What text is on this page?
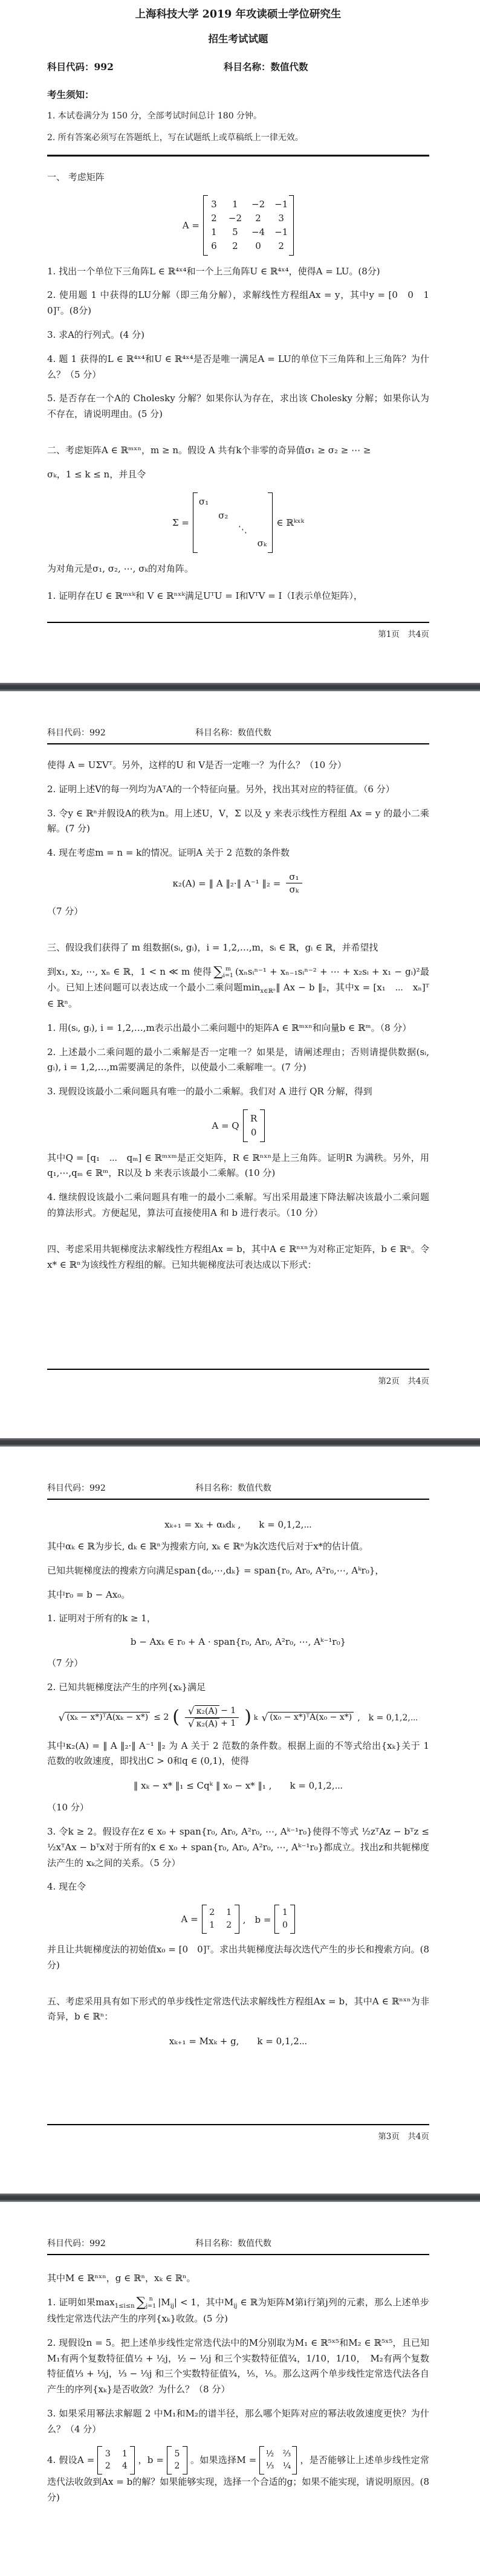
上海科技大学 2019 年攻读硕士学位研究生
招生考试试题
科目代码：992	科目名称：数值代数
考生须知：

1. 本试卷满分为 150 分，全部考试时间总计 180 分钟。

2. 所有答案必须写在答题纸上，写在试题纸上或草稿纸上一律无效。

一、 考虑矩阵

A =
3	1	−2 −1
2 −2	2	3
1	5	−4 −1
6	2	0	2

1. 找出一个单位下三角阵L ∈ ℝ⁴ˣ⁴和一个上三角阵U ∈ ℝ⁴ˣ⁴，使得A = LU。(8分)

2. 使用题 1 中获得的LU分解（即三角分解），求解线性方程组Ax = y，其中y = [0　0　1　0]ᵀ。(8分)

3. 求A的行列式。(4 分)

4. 题 1 获得的L ∈ ℝ⁴ˣ⁴和U ∈ ℝ⁴ˣ⁴是否是唯一满足A = LU的单位下三角阵和上三角阵？为什么？（5 分）

5. 是否存在一个A的 Cholesky 分解？如果你认为存在，求出该 Cholesky 分解；如果你认为不存在，请说明理由。(5 分)

二、考虑矩阵A ∈ ℝᵐˣⁿ，m ≥ n。假设 A 共有k个非零的奇异值σ₁ ≥ σ₂ ≥ ⋯ ≥

σₖ，1 ≤ k ≤ n，并且令

Σ =
σ₁
σ₂
⋱
σₖ
∈ ℝᵏˣᵏ

为对角元是σ₁, σ₂, ⋯, σₖ的对角阵。

1. 证明存在U ∈ ℝᵐˣᵏ和 V ∈ ℝⁿˣᵏ满足UᵀU = I和VᵀV = I（I表示单位矩阵），

第1页　共4页
科目代码：992	科目名称：数值代数

使得 A = UΣVᵀ。另外，这样的U 和 V是否一定唯一？为什么？（10 分）

2. 证明上述V的每一列均为AᵀA的一个特征向量。另外，找出其对应的特征值。（6 分）

3. 令y ∈ ℝⁿ并假设A的秩为n。用上述U，V，Σ 以及 y 来表示线性方程组 Ax = y 的最小二乘解。(7 分)

4. 现在考虑m = n = k的情况。证明A 关于 2 范数的条件数

κ₂(A) = ‖ A ‖₂·‖ A⁻¹ ‖₂ = $\frac{\text{σ₁}}{\text{σₖ}}$

（7 分）

三、假设我们获得了 m 组数据(sᵢ, gᵢ)，i = 1,2,…,m，sᵢ ∈ ℝ，gᵢ ∈ ℝ，并希望找

到x₁, x₂, ⋯, xₙ ∈ ℝ，1 < n ≪ m 使得 ∑ m
i=1 (xₙsᵢⁿ⁻¹ + xₙ₋₁sᵢⁿ⁻² + ⋯ + x₂sᵢ + x₁ − gᵢ)²最小。已知上述问题可以表达成一个最小二乘问题$\min_{x\in ℝ^n}‖$ Ax − b ‖₂，其中x = [x₁　⋯　xₙ]ᵀ ∈ ℝⁿ。

1. 用(sᵢ, gᵢ), i = 1,2,…,m表示出最小二乘问题中的矩阵A ∈ ℝᵐˣⁿ和向量b ∈ ℝᵐ。（8 分）

2. 上述最小二乘问题的最小二乘解是否一定唯一？如果是，请阐述理由；否则请提供数据(sᵢ, gᵢ), i = 1,2,…,m需要满足的条件，以使最小二乘解唯一。(7 分)

3. 现假设该最小二乘问题具有唯一的最小二乘解。我们对 A 进行 QR 分解，得到

A = Q
R
0

其中Q = [q₁　⋯　qₘ] ∈ ℝᵐˣᵐ是正交矩阵，R ∈ ℝⁿˣⁿ是上三角阵。证明R 为满秩。另外，用q₁,⋯,qₘ ∈ ℝᵐ，R以及 b 来表示该最小二乘解。(10 分)

4. 继续假设该最小二乘问题具有唯一的最小二乘解。写出采用最速下降法解决该最小二乘问题的算法形式。方便起见，算法可直接使用A 和 b 进行表示。（10 分）

四、考虑采用共轭梯度法求解线性方程组Ax = b，其中A ∈ ℝⁿˣⁿ为对称正定矩阵，b ∈ ℝⁿ。令x* ∈ ℝⁿ为该线性方程组的解。已知共轭梯度法可表达成以下形式：

第2页　共4页
科目代码：992	科目名称：数值代数
xₖ₊₁ = xₖ + αₖdₖ ,　　k = 0,1,2,⋯

其中αₖ ∈ ℝ为步长, dₖ ∈ ℝⁿ为搜索方向, xₖ ∈ ℝⁿ为k次迭代后对于x*的估计值。

已知共轭梯度法的搜索方向满足span{d₀,⋯,dₖ} = span{r₀, Ar₀, A²r₀,⋯, Aᵏr₀}，

其中r₀ = b − Ax₀。

1. 证明对于所有的k ≥ 1，

b − Axₖ ∈ r₀ + A · span{r₀, Ar₀, A²r₀, ⋯, Aᵏ⁻¹r₀}

（7 分）

2. 已知共轭梯度法产生的序列{xₖ}满足

√ (xₖ − x*)ᵀA(xₖ − x*) ≤ 2 ( $\frac{\text{√ κ₂(A) − 1}}{\text{√ κ₂(A) + 1}}$ ) k √ (x₀ − x*)ᵀA(x₀ − x*) ,　k = 0,1,2,⋯

其中κ₂(A) = ‖ A ‖₂·‖ A⁻¹ ‖₂ 为 A 关于 2 范数的条件数。根据上面的不等式给出{xₖ}关于 1 范数的收敛速度，即找出C > 0和q ∈ (0,1)，使得

‖ xₖ − x* ‖₁ ≤ Cqᵏ ‖ x₀ − x* ‖₁ ,　　k = 0,1,2,⋯

（10 分）

3. 令k ≥ 2。假设存在z ∈ x₀ + span{r₀, Ar₀, A²r₀, ⋯, Aᵏ⁻¹r₀}使得不等式 ½zᵀAz − bᵀz ≤ ½xᵀAx − bᵀx对于所有的x ∈ x₀ + span{r₀, Ar₀, A²r₀, ⋯, Aᵏ⁻¹r₀}都成立。找出z和共轭梯度法产生的 xₖ之间的关系。（5 分）

4. 现在令

A =
2 1
1 2
,　b =
1
0

并且让共轭梯度法的初始值x₀ = [0　0]ᵀ。求出共轭梯度法每次迭代产生的步长和搜索方向。(8 分)

五、考虑采用具有如下形式的单步线性定常迭代法求解线性方程组Ax = b，其中A ∈ ℝⁿˣⁿ为非奇异，b ∈ ℝⁿ：

xₖ₊₁ = Mxₖ + g,　　k = 0,1,2⋯
第3页　共4页
科目代码：992	科目名称：数值代数

其中M ∈ ℝⁿˣⁿ，g ∈ ℝⁿ，xₖ ∈ ℝⁿ。

1. 证明如果$\max_{1\le i\le n}$ ∑ n
j=1 $|M_{ij}| < 1$，其中$M_{ij}$ ∈ ℝ为矩阵M第i行第j列的元素，那么上述单步线性定常迭代法产生的序列{xₖ}收敛。(5 分)

2. 现假设n = 5。把上述单步线性定常迭代法中的M分别取为M₁ ∈ ℝ⁵ˣ⁵和M₂ ∈ ℝ⁵ˣ⁵，且已知 M₁有两个复数特征值½ + ½j，½ − ½j 和三个实数特征值¾，1/10，1/10，　M₂有两个复数特征值⅓ + ⅓j，⅓ − ⅓j 和三个实数特征值¾，⅕，⅕。那么这两个单步线性定常迭代法各自产生的序列{xₖ}是否收敛？为什么？（8 分）

3. 如果采用幂法求解题 2 中M₁和M₂的谱半径，那么哪个矩阵对应的幂法收敛速度更快？为什么？（4 分）

4. 假设A =
3 1
2 4
，b =
5
2
。如果选择M =
½ ⅔
⅓ ¼
，是否能够让上述单步线性定常迭代法收敛到Ax = b的解？如果能够实现，选择一个合适的g；如果不能实现，请说明原因。(8 分)
